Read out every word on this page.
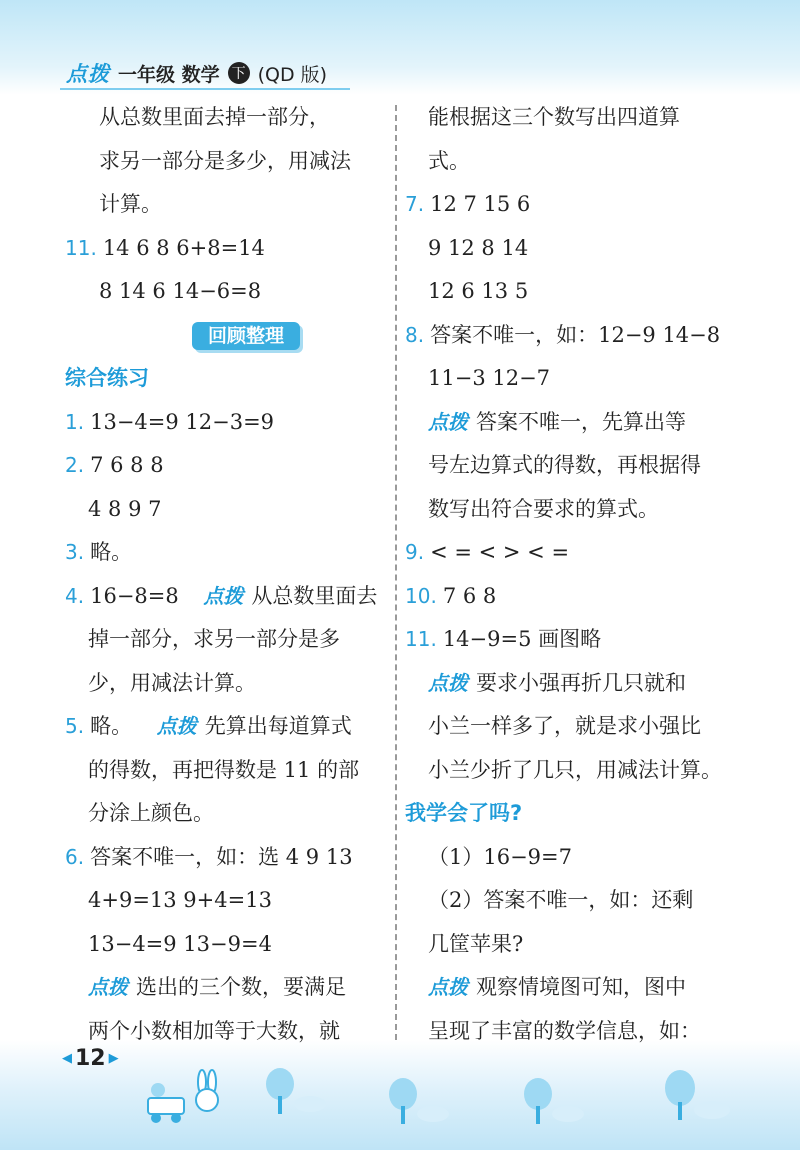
点拨 一年级 数学 下 (QD 版)
从总数里面去掉一部分，
求另一部分是多少，用减法
计算。
11. 14 6 8 6+8=14
8 14 6 14−6=8
回顾整理
综合练习
1. 13−4=9 12−3=9
2. 7 6 8 8
4 8 9 7
3. 略。
4. 16−8=8 点拨 从总数里面去
掉一部分，求另一部分是多
少，用减法计算。
5. 略。 点拨 先算出每道算式
的得数，再把得数是 11 的部
分涂上颜色。
6. 答案不唯一，如：选 4 9 13
4+9=13 9+4=13
13−4=9 13−9=4
点拨 选出的三个数，要满足
两个小数相加等于大数，就
能根据这三个数写出四道算
式。
7. 12 7 15 6
9 12 8 14
12 6 13 5
8. 答案不唯一，如：12−9 14−8
11−3 12−7
点拨 答案不唯一，先算出等
号左边算式的得数，再根据得
数写出符合要求的算式。
9. < = < > < =
10. 7 6 8
11. 14−9=5 画图略
点拨 要求小强再折几只就和
小兰一样多了，就是求小强比
小兰少折了几只，用减法计算。
我学会了吗?
（1）16−9=7
（2）答案不唯一，如：还剩
几筐苹果?
点拨 观察情境图可知，图中
呈现了丰富的数学信息，如：
◀ 12 ▶
